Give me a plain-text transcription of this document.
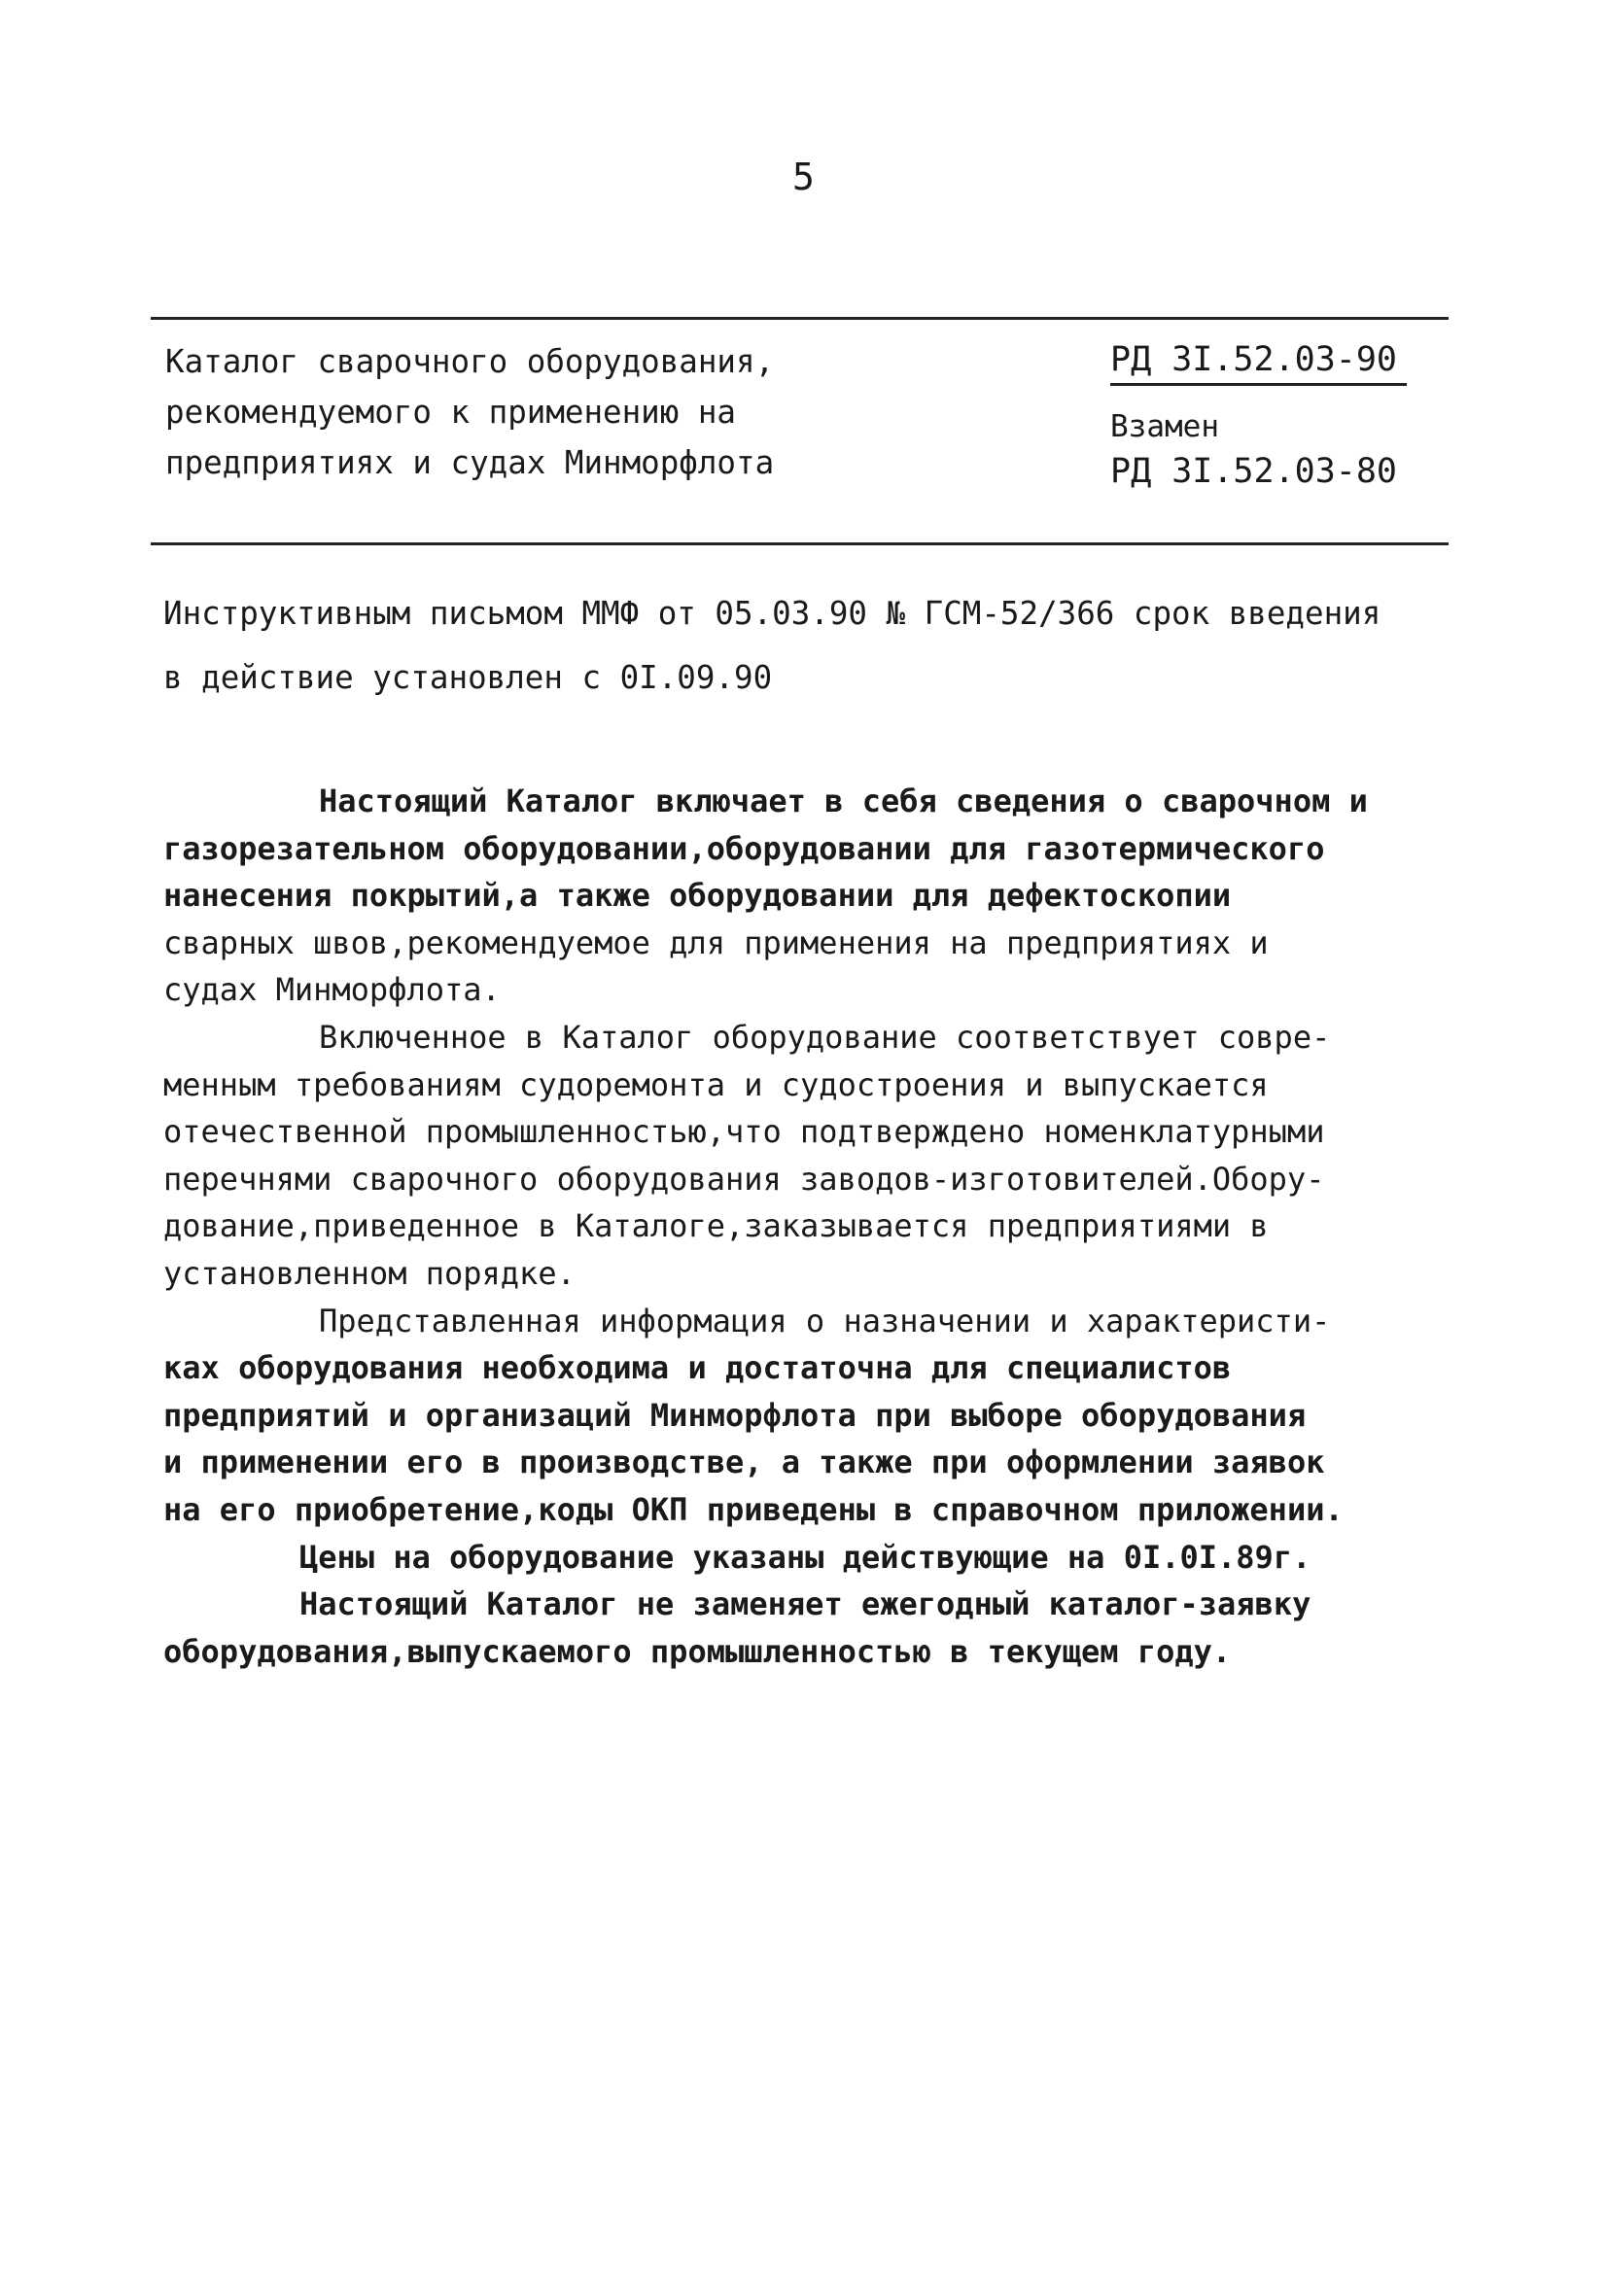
5
Каталог сварочного оборудования,
рекомендуемого к применению на
предприятиях и судах Минморфлота
РД 3I.52.03-90
Взамен
РД 3I.52.03-80
Инструктивным письмом ММФ от 05.03.90 № ГСМ-52/366 срок введения
в действие установлен с 0I.09.90
Настоящий Каталог включает в себя сведения о сварочном и
газорезательном оборудовании,оборудовании для газотермического
нанесения покрытий,а также оборудовании для дефектоскопии
сварных швов,рекомендуемое для применения на предприятиях и
судах Минморфлота.
Включенное в Каталог оборудование соответствует совре-
менным требованиям судоремонта и судостроения и выпускается
отечественной промышленностью,что подтверждено номенклатурными
перечнями сварочного оборудования заводов-изготовителей.Обору-
дование,приведенное в Каталоге,заказывается предприятиями в
установленном порядке.
Представленная информация о назначении и характеристи-
ках оборудования необходима и достаточна для специалистов
предприятий и организаций Минморфлота при выборе оборудования
и применении его в производстве, а также при оформлении заявок
на его приобретение,коды ОКП приведены в справочном приложении.
Цены на оборудование указаны действующие на 0I.0I.89г.
Настоящий Каталог не заменяет ежегодный каталог-заявку
оборудования,выпускаемого промышленностью в текущем году.
